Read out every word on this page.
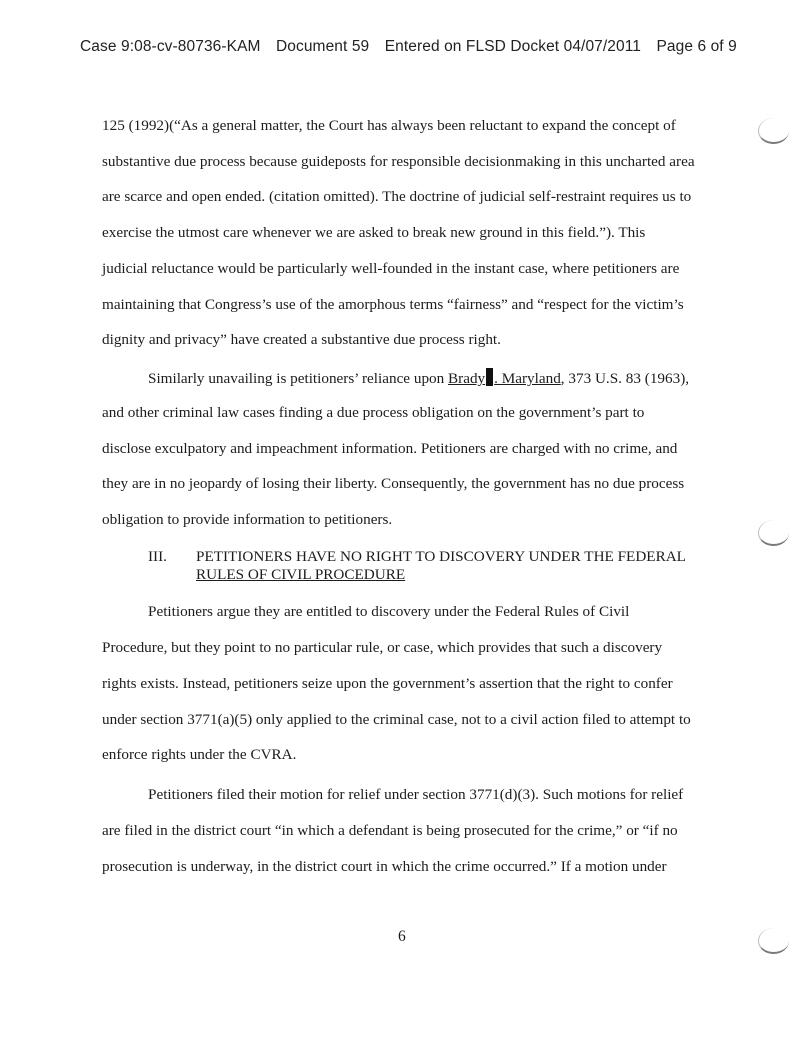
Case 9:08-cv-80736-KAM Document 59 Entered on FLSD Docket 04/07/2011 Page 6 of 9
125 (1992)(“As a general matter, the Court has always been reluctant to expand the concept of
substantive due process because guideposts for responsible decisionmaking in this uncharted area
are scarce and open ended. (citation omitted). The doctrine of judicial self-restraint requires us to
exercise the utmost care whenever we are asked to break new ground in this field.”). This
judicial reluctance would be particularly well-founded in the instant case, where petitioners are
maintaining that Congress’s use of the amorphous terms “fairness” and “respect for the victim’s
dignity and privacy” have created a substantive due process right.
Similarly unavailing is petitioners’ reliance upon Brady . Maryland, 373 U.S. 83 (1963),
and other criminal law cases finding a due process obligation on the government’s part to
disclose exculpatory and impeachment information. Petitioners are charged with no crime, and
they are in no jeopardy of losing their liberty. Consequently, the government has no due process
obligation to provide information to petitioners.
III. PETITIONERS HAVE NO RIGHT TO DISCOVERY UNDER THE FEDERAL
RULES OF CIVIL PROCEDURE
Petitioners argue they are entitled to discovery under the Federal Rules of Civil
Procedure, but they point to no particular rule, or case, which provides that such a discovery
rights exists. Instead, petitioners seize upon the government’s assertion that the right to confer
under section 3771(a)(5) only applied to the criminal case, not to a civil action filed to attempt to
enforce rights under the CVRA.
Petitioners filed their motion for relief under section 3771(d)(3). Such motions for relief
are filed in the district court “in which a defendant is being prosecuted for the crime,” or “if no
prosecution is underway, in the district court in which the crime occurred.” If a motion under
6
